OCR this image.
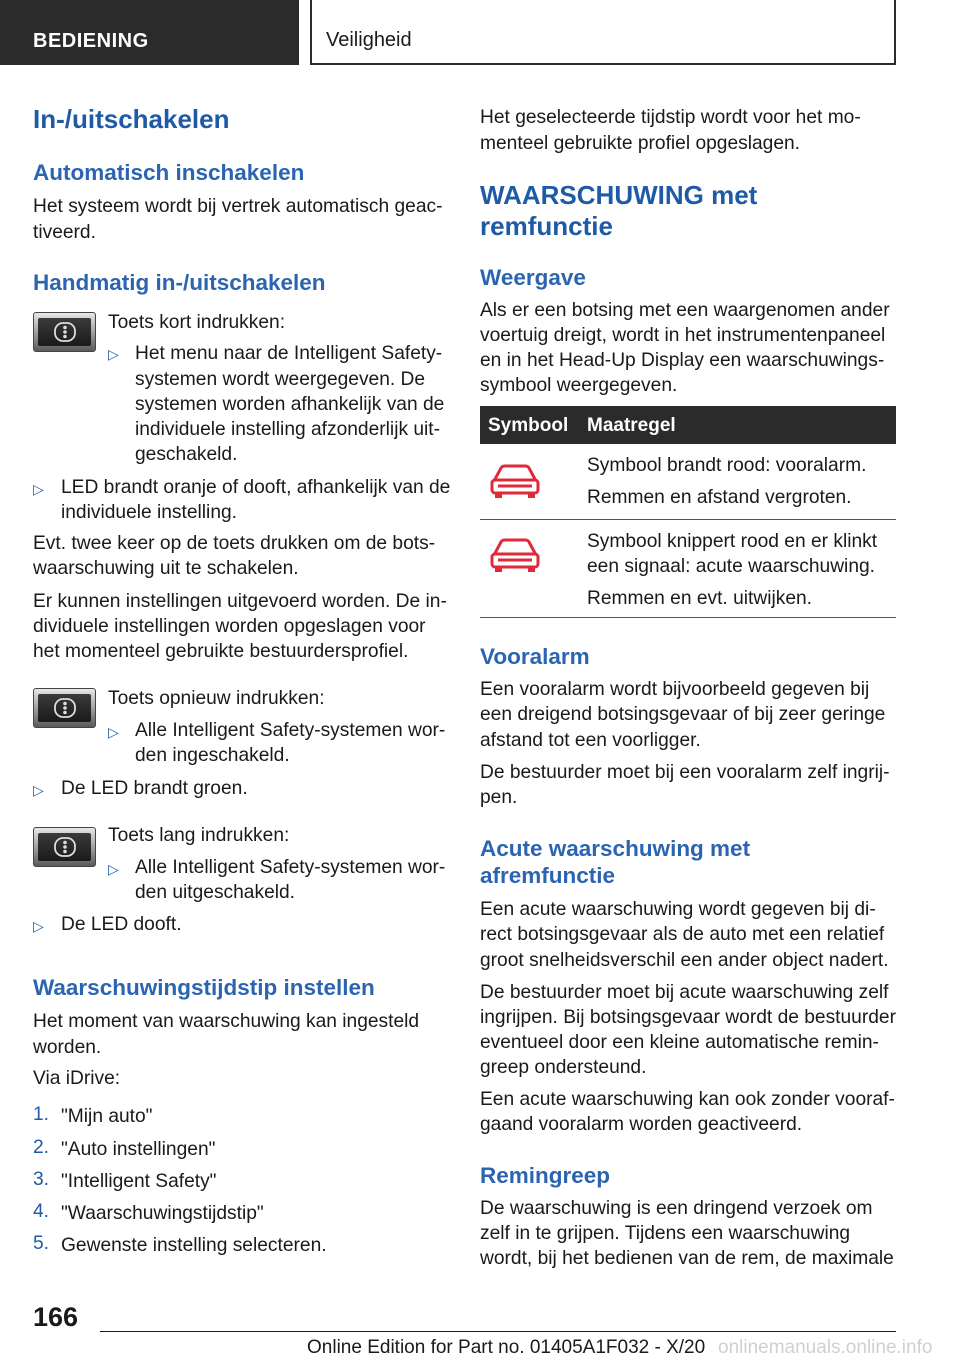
BEDIENING	Veiligheid
In-/uitschakelen
Automatisch inschakelen
Het systeem wordt bij vertrek automatisch geac-
tiveerd.
Handmatig in-/uitschakelen
Toets kort indrukken:
▷ Het menu naar de Intelligent Safety-
systemen wordt weergegeven. De
systemen worden afhankelijk van de
individuele instelling afzonderlijk uit-
geschakeld.
▷ LED brandt oranje of dooft, afhankelijk van de
individuele instelling.
Evt. twee keer op de toets drukken om de bots-
waarschuwing uit te schakelen.
Er kunnen instellingen uitgevoerd worden. De in-
dividuele instellingen worden opgeslagen voor
het momenteel gebruikte bestuurdersprofiel.
Toets opnieuw indrukken:
▷ Alle Intelligent Safety-systemen wor-
den ingeschakeld.
▷ De LED brandt groen.
Toets lang indrukken:
▷ Alle Intelligent Safety-systemen wor-
den uitgeschakeld.
▷ De LED dooft.
Waarschuwingstijdstip instellen
Het moment van waarschuwing kan ingesteld
worden.
Via iDrive:
1. "Mijn auto"
2. "Auto instellingen"
3. "Intelligent Safety"
4. "Waarschuwingstijdstip"
5. Gewenste instelling selecteren.
Het geselecteerde tijdstip wordt voor het mo-
menteel gebruikte profiel opgeslagen.
WAARSCHUWING met
remfunctie
Weergave
Als er een botsing met een waargenomen ander
voertuig dreigt, wordt in het instrumentenpaneel
en in het Head-Up Display een waarschuwings-
symbool weergegeven.
Symbool Maatregel
Symbool brandt rood: vooralarm.
Remmen en afstand vergroten.
Symbool knippert rood en er klinkt
een signaal: acute waarschuwing.
Remmen en evt. uitwijken.
Vooralarm
Een vooralarm wordt bijvoorbeeld gegeven bij
een dreigend botsingsgevaar of bij zeer geringe
afstand tot een voorligger.
De bestuurder moet bij een vooralarm zelf ingrij-
pen.
Acute waarschuwing met
afremfunctie
Een acute waarschuwing wordt gegeven bij di-
rect botsingsgevaar als de auto met een relatief
groot snelheidsverschil een ander object nadert.
De bestuurder moet bij acute waarschuwing zelf
ingrijpen. Bij botsingsgevaar wordt de bestuurder
eventueel door een kleine automatische remin-
greep ondersteund.
Een acute waarschuwing kan ook zonder vooraf-
gaand vooralarm worden geactiveerd.
Remingreep
De waarschuwing is een dringend verzoek om
zelf in te grijpen. Tijdens een waarschuwing
wordt, bij het bedienen van de rem, de maximale
166
Online Edition for Part no. 01405A1F032 - X/20 onlinemanuals.online.info
